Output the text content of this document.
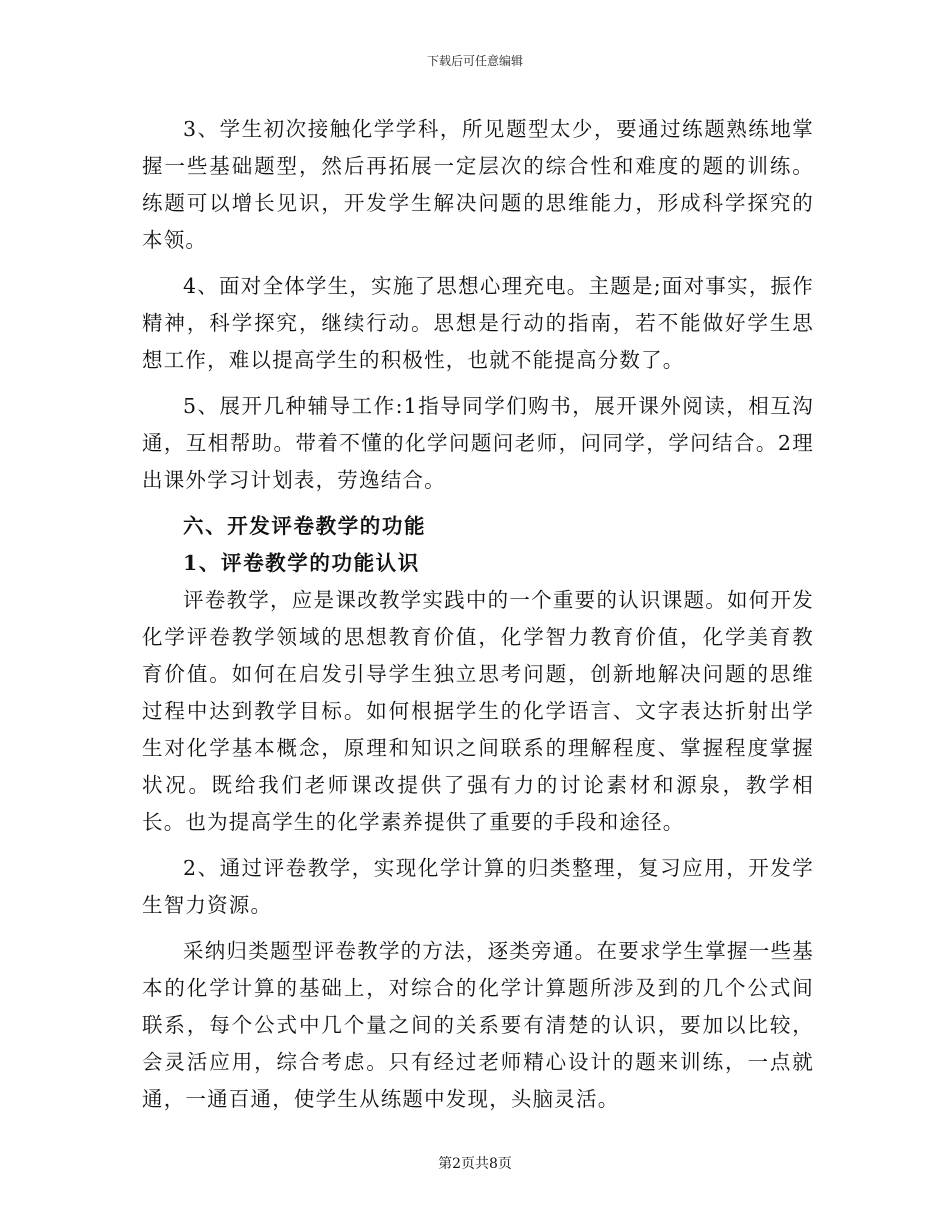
下载后可任意编辑

3、学生初次接触化学学科，所见题型太少，要通过练题熟练地掌握一些基础题型，然后再拓展一定层次的综合性和难度的题的训练。练题可以增长见识，开发学生解决问题的思维能力，形成科学探究的本领。

4、面对全体学生，实施了思想心理充电。主题是;面对事实，振作精神，科学探究，继续行动。思想是行动的指南，若不能做好学生思想工作，难以提高学生的积极性，也就不能提高分数了。

5、展开几种辅导工作:1指导同学们购书，展开课外阅读，相互沟通，互相帮助。带着不懂的化学问题问老师，问同学，学问结合。2理出课外学习计划表，劳逸结合。

六、开发评卷教学的功能

1、评卷教学的功能认识

评卷教学，应是课改教学实践中的一个重要的认识课题。如何开发化学评卷教学领域的思想教育价值，化学智力教育价值，化学美育教育价值。如何在启发引导学生独立思考问题，创新地解决问题的思维过程中达到教学目标。如何根据学生的化学语言、文字表达折射出学生对化学基本概念，原理和知识之间联系的理解程度、掌握程度掌握状况。既给我们老师课改提供了强有力的讨论素材和源泉，教学相长。也为提高学生的化学素养提供了重要的手段和途径。

2、通过评卷教学，实现化学计算的归类整理，复习应用，开发学生智力资源。

采纳归类题型评卷教学的方法，逐类旁通。在要求学生掌握一些基本的化学计算的基础上，对综合的化学计算题所涉及到的几个公式间联系，每个公式中几个量之间的关系要有清楚的认识，要加以比较，会灵活应用，综合考虑。只有经过老师精心设计的题来训练，一点就通，一通百通，使学生从练题中发现，头脑灵活。

第2页共8页
